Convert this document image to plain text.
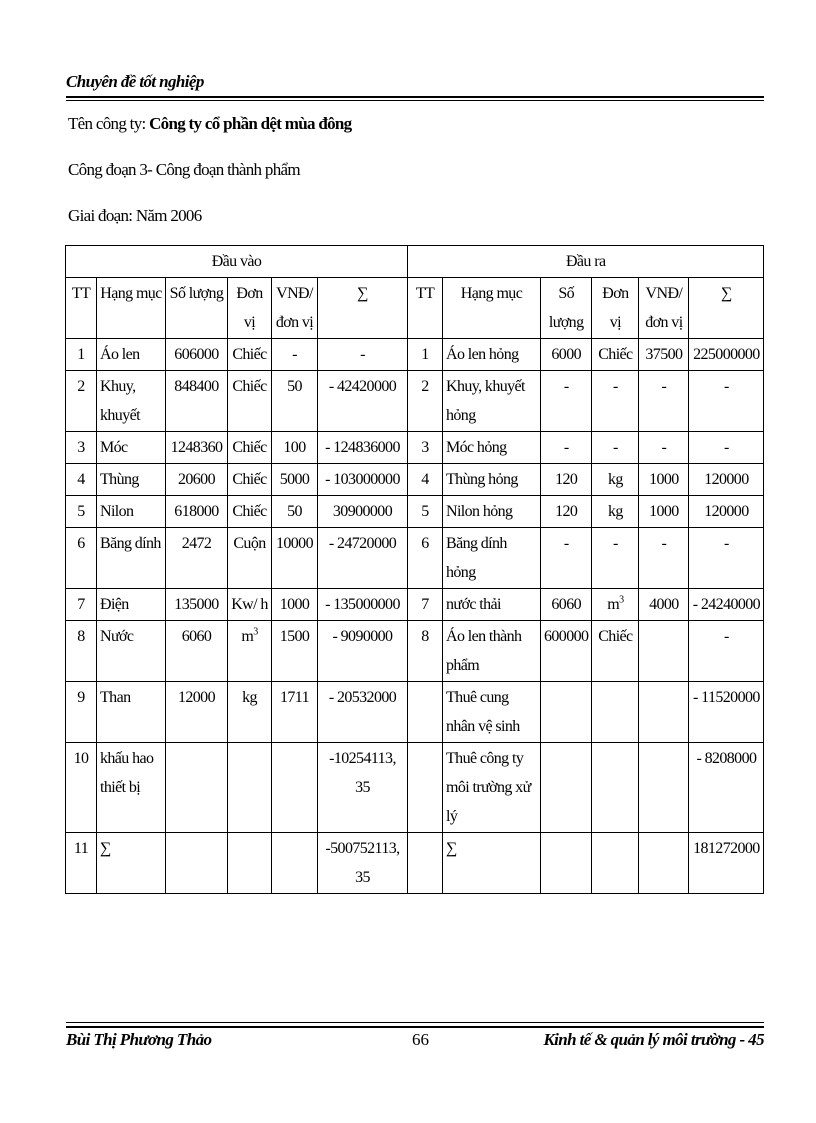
Chuyên đề tốt nghiệp
Tên công ty: Công ty cổ phần dệt mùa đông
Công đoạn 3- Công đoạn thành phẩm
Giai đoạn: Năm 2006
Đầu vào						Đầu ra					
TT	Hạng mục	Số lượng	Đơn vị	VNĐ/ đơn vị	∑	TT	Hạng mục	Số lượng	Đơn vị	VNĐ/ đơn vị	∑
1	Áo len	606000	Chiếc	-	-	1	Áo len hỏng	6000	Chiếc	37500	225000000
2	Khuy, khuyết	848400	Chiếc	50	- 42420000	2	Khuy, khuyết hỏng	-	-	-	-
3	Móc	1248360	Chiếc	100	- 124836000	3	Móc hỏng	-	-	-	-
4	Thùng	20600	Chiếc	5000	- 103000000	4	Thùng hỏng	120	kg	1000	120000
5	Nilon	618000	Chiếc	50	30900000	5	Nilon hỏng	120	kg	1000	120000
6	Băng dính	2472	Cuộn	10000	- 24720000	6	Băng dính hỏng	-	-	-	-
7	Điện	135000	Kw/ h	1000	- 135000000	7	nước thải	6060	$m^3$	4000	- 24240000
8	Nước	6060	$m^3$	1500	- 9090000	8	Áo len thành phẩm	600000	Chiếc		-
9	Than	12000	kg	1711	- 20532000		Thuê cung nhân vệ sinh				- 11520000
10	khấu hao thiết bị				-10254113, 35		Thuê công ty môi trường xử lý				- 8208000
11	∑				-500752113, 35		∑				181272000
Bùi Thị Phương Thảo	66	Kinh tế & quản lý môi trường - 45
